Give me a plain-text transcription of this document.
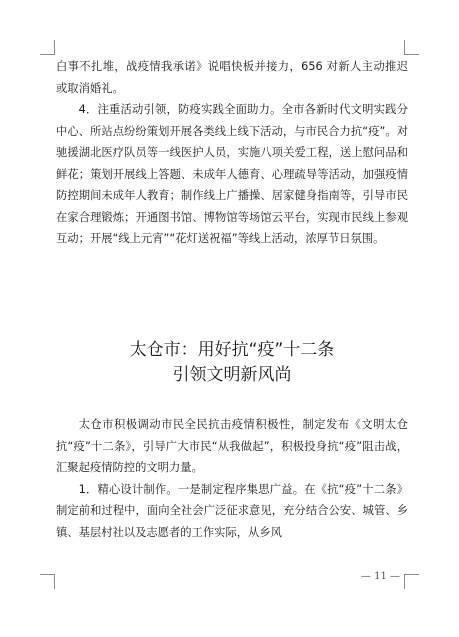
白事不扎堆，战疫情我承诺》说唱快板并接力，656 对新人主动推迟或取消婚礼。

4．注重活动引领，防疫实践全面助力。全市各新时代文明实践分中心、所站点纷纷策划开展各类线上线下活动，与市民合力抗“疫”。对驰援湖北医疗队员等一线医护人员，实施八项关爱工程，送上慰问品和鲜花；策划开展线上答题、未成年人德育、心理疏导等活动，加强疫情防控期间未成年人教育；制作线上广播操、居家健身指南等，引导市民在家合理锻炼；开通图书馆、博物馆等场馆云平台，实现市民线上参观互动；开展“线上元宵”“花灯送祝福”等线上活动，浓厚节日氛围。

太仓市：用好抗“疫”十二条
引领文明新风尚

太仓市积极调动市民全民抗击疫情积极性，制定发布《文明太仓抗“疫”十二条》，引导广大市民“从我做起”，积极投身抗“疫”阻击战，汇聚起疫情防控的文明力量。

1．精心设计制作。一是制定程序集思广益。在《抗“疫”十二条》制定前和过程中，面向全社会广泛征求意见，充分结合公安、城管、乡镇、基层村社以及志愿者的工作实际，从乡风

— 11 —
